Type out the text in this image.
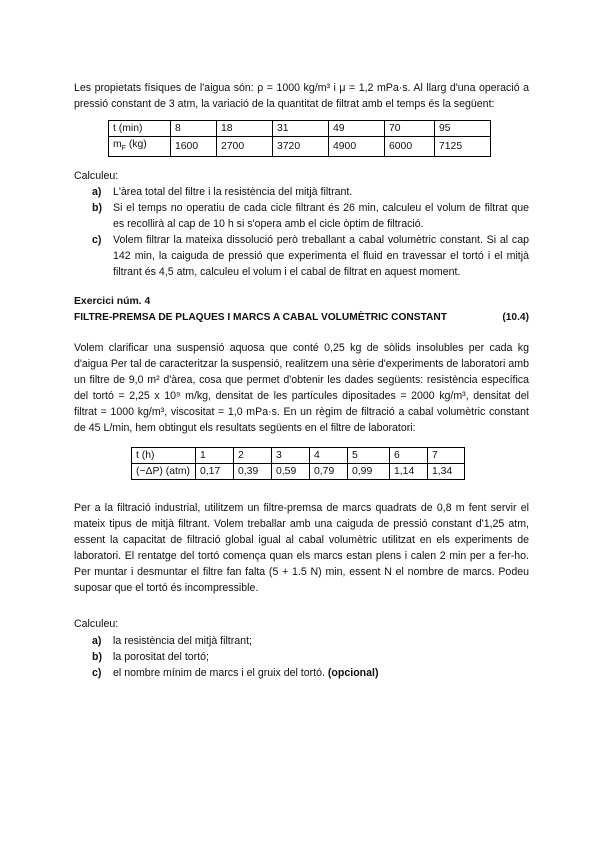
Les propietats físiques de l'aigua són: ρ = 1000 kg/m³ i μ = 1,2 mPa·s. Al llarg d'una operació a pressió constant de 3 atm, la variació de la quantitat de filtrat amb el temps és la següent:

t (min)	8	18	31	49	70	95
$m_F$ (kg)	1600	2700	3720	4900	6000	7125
Calculeu:
a) L'àrea total del filtre i la resistència del mitjà filtrant.
b) Si el temps no operatiu de cada cicle filtrant és 26 min, calculeu el volum de filtrat que es recollirà al cap de 10 h si s'opera amb el cicle òptim de filtració.
c) Volem filtrar la mateixa dissolució però treballant a cabal volumètric constant. Si al cap 142 min, la caiguda de pressió que experimenta el fluid en travessar el tortó i el mitjà filtrant és 4,5 atm, calculeu el volum i el cabal de filtrat en aquest moment.
Exercici núm. 4
FILTRE-PREMSA DE PLAQUES I MARCS A CABAL VOLUMÈTRIC CONSTANT	(10.4)

Volem clarificar una suspensió aquosa que conté 0,25 kg de sòlids insolubles per cada kg d'aigua Per tal de caracteritzar la suspensió, realitzem una sèrie d'experiments de laboratori amb un filtre de 9,0 m² d'àrea, cosa que permet d'obtenir les dades següents: resistència específica del tortó = 2,25 x 10⁹ m/kg, densitat de les partícules dipositades = 2000 kg/m³, densitat del filtrat = 1000 kg/m³, viscositat = 1,0 mPa·s. En un règim de filtració a cabal volumètric constant de 45 L/min, hem obtingut els resultats següents en el filtre de laboratori:

t (h)	1	2	3	4	5	6	7
(−ΔP) (atm)	0,17	0,39	0,59	0,79	0,99	1,14	1,34

Per a la filtració industrial, utilitzem un filtre-premsa de marcs quadrats de 0,8 m fent servir el mateix tipus de mitjà filtrant. Volem treballar amb una caiguda de pressió constant d'1,25 atm, essent la capacitat de filtració global igual al cabal volumètric utilitzat en els experiments de laboratori. El rentatge del tortó comença quan els marcs estan plens i calen 2 min per a fer-ho. Per muntar i desmuntar el filtre fan falta (5 + 1.5 N) min, essent N el nombre de marcs. Podeu suposar que el tortó és incompressible.

Calculeu:
a) la resistència del mitjà filtrant;
b) la porositat del tortó;
c) el nombre mínim de marcs i el gruix del tortó. (opcional)
